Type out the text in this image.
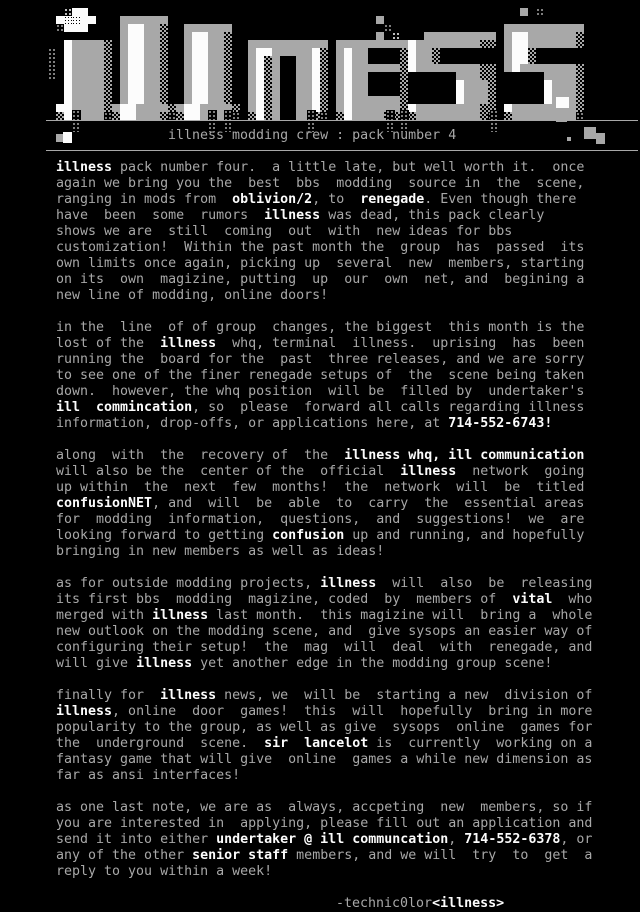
illness modding crew : pack number 4
illness pack number four.  a little late, but well worth it.  once
again we bring you the  best  bbs  modding  source in  the  scene,
ranging in mods from  oblivion/2, to  renegade. Even though there
have  been  some  rumors  illness was dead, this pack clearly
shows we are  still  coming  out  with  new ideas for bbs
customization!  Within the past month the  group  has  passed  its
own limits once again, picking up  several  new  members, starting
on its  own  magizine, putting  up  our  own  net, and  begining a
new line of modding, online doors!
in the  line  of of group  changes, the biggest  this month is the
lost of the  illness  whq, terminal  illness.  uprising  has  been
running the  board for the  past  three releases, and we are sorry
to see one of the finer renegade setups of  the  scene being taken
down.  however, the whq position  will be  filled by  undertaker's
ill  commincation, so  please  forward all calls regarding illness
information, drop-offs, or applications here, at 714-552-6743!
along  with  the  recovery of  the  illness whq, ill communication
will also be the  center of the  official  illness  network  going
up within  the  next  few  months!  the  network  will  be  titled
confusionNET, and  will  be  able  to  carry  the  essential areas
for  modding  information,  questions,  and  suggestions!  we  are
looking forward to getting confusion up and running, and hopefully
bringing in new members as well as ideas!
as for outside modding projects, illness  will  also  be  releasing
its first bbs  modding  magizine, coded  by  members of  vital  who
merged with illness last month.  this magizine will  bring a  whole
new outlook on the modding scene, and  give sysops an easier way of
configuring their setup!  the  mag  will  deal  with  renegade, and
will give illness yet another edge in the modding group scene!
finally for  illness news, we  will be  starting a new  division of
illness, online  door  games!  this  will  hopefully  bring in more
popularity to the group, as well as give  sysops  online  games for
the  underground  scene.  sir  lancelot is  currently  working on a
fantasy game that will give  online  games a while new dimension as
far as ansi interfaces!
as one last note, we are as  always, accpeting  new  members, so if
you are interested in  applying, please fill out an application and
send it into either undertaker @ ill communcation, 714-552-6378, or
any of the other senior staff members, and we will  try  to  get  a
reply to you within a week!
-technic0lor<illness>
